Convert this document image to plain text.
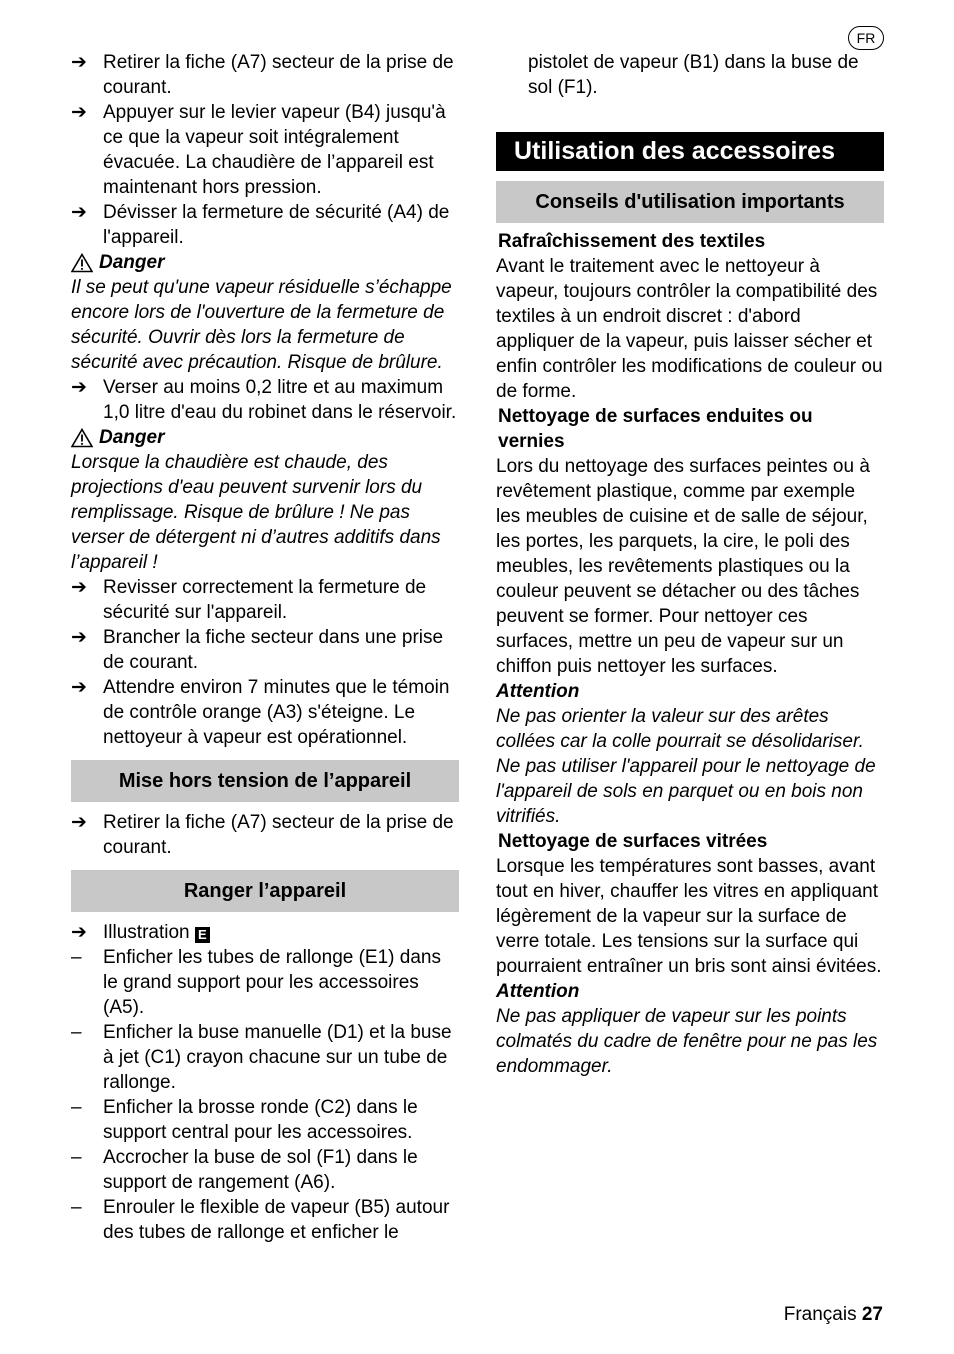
FR
➔ Retirer la fiche (A7) secteur de la prise de courant.

➔ Appuyer sur le levier vapeur (B4) jusqu'à ce que la vapeur soit intégralement évacuée. La chaudière de l’appareil est maintenant hors pression.

➔ Dévisser la fermeture de sécurité (A4) de l'appareil.

Danger

Il se peut qu'une vapeur résiduelle s’échappe encore lors de l'ouverture de la fermeture de sécurité. Ouvrir dès lors la fermeture de sécurité avec précaution. Risque de brûlure.

➔ Verser au moins 0,2 litre et au maximum 1,0 litre d'eau du robinet dans le réservoir.

Danger

Lorsque la chaudière est chaude, des projections d'eau peuvent survenir lors du remplissage. Risque de brûlure ! Ne pas verser de détergent ni d’autres additifs dans l’appareil !

➔ Revisser correctement la fermeture de sécurité sur l'appareil.

➔ Brancher la fiche secteur dans une prise de courant.

➔ Attendre environ 7 minutes que le témoin de contrôle orange (A3) s'éteigne. Le nettoyeur à vapeur est opérationnel.

Mise hors tension de l’appareil
➔ Retirer la fiche (A7) secteur de la prise de courant.

Ranger l’appareil
➔ Illustration E

–	Enficher les tubes de rallonge (E1) dans le grand support pour les accessoires (A5).

–	Enficher la buse manuelle (D1) et la buse à jet (C1) crayon chacune sur un tube de rallonge.

–	Enficher la brosse ronde (C2) dans le support central pour les accessoires.

–	Accrocher la buse de sol (F1) dans le support de rangement (A6).

–	Enrouler le flexible de vapeur (B5) autour des tubes de rallonge et enficher le

pistolet de vapeur (B1) dans la buse de sol (F1).

Utilisation des accessoires
Conseils d'utilisation importants

Rafraîchissement des textiles

Avant le traitement avec le nettoyeur à vapeur, toujours contrôler la compatibilité des textiles à un endroit discret : d'abord appliquer de la vapeur, puis laisser sécher et enfin contrôler les modifications de couleur ou de forme.

Nettoyage de surfaces enduites ou vernies

Lors du nettoyage des surfaces peintes ou à revêtement plastique, comme par exemple les meubles de cuisine et de salle de séjour, les portes, les parquets, la cire, le poli des meubles, les revêtements plastiques ou la couleur peuvent se détacher ou des tâches peuvent se former. Pour nettoyer ces surfaces, mettre un peu de vapeur sur un chiffon puis nettoyer les surfaces.

Attention

Ne pas orienter la valeur sur des arêtes collées car la colle pourrait se désolidariser. Ne pas utiliser l'appareil pour le nettoyage de l'appareil de sols en parquet ou en bois non vitrifiés.

Nettoyage de surfaces vitrées

Lorsque les températures sont basses, avant tout en hiver, chauffer les vitres en appliquant légèrement de la vapeur sur la surface de verre totale. Les tensions sur la surface qui pourraient entraîner un bris sont ainsi évitées.

Attention

Ne pas appliquer de vapeur sur les points colmatés du cadre de fenêtre pour ne pas les endommager.

Français 27
